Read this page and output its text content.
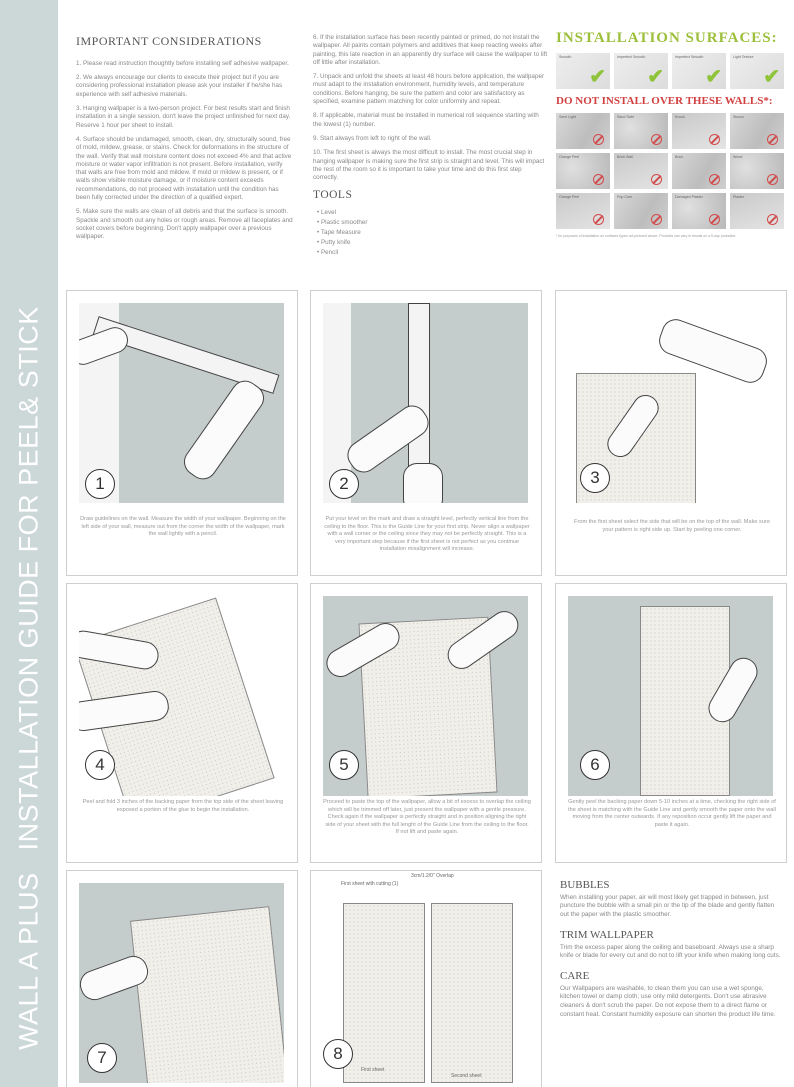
WALL A PLUSINSTALLATION GUIDE FOR PEEL& STICK
IMPORTANT CONSIDERATIONS

1. Please read instruction thoughtly before installing self adhesive wallpaper.

2. We always encourage our clients to execute their project but if you are considering professional installation please ask your installer if he/she has experience with self adhesive materials.

3. Hanging wallpaper is a two-person project. For best results start and finish installation in a single session, don't leave the project unfinished for next day. Reserve 1 hour per sheet to install.

4. Surface should be undamaged, smooth, clean, dry, structurally sound, free of mold, mildew, grease, or stains. Check for deformations in the structure of the wall. Verify that wall moisture content does not exceed 4% and that active moisture or water vapor infiltration is not present. Before installation, verify that walls are free from mold and mildew. If mold or mildew is present, or if walls show visible moisture damage, or if moisture content exceeds recommendations, do not proceed with installation until the condition has been fully corrected under the direction of a qualified expert.

5. Make sure the walls are clean of all debris and that the surface is smooth. Spackle and smooth out any holes or rough areas. Remove all faceplates and socket covers before beginning. Don't apply wallpaper over a previous wallpaper.

6. If the installation surface has been recently painted or primed, do not install the wallpaper. All paints contain polymers and additives that keep reacting weeks after painting, this late reaction in an apparently dry surface will cause the wallpaper to lift off little after installation.

7. Unpack and unfold the sheets at least 48 hours before application, the wallpaper must adapt to the installation environment, humidity levels, and temperature conditions. Before hanging, be sure the pattern and color are satisfactory as specified, examine pattern matching for color uniformity and repeat.

8. If applicable, material must be installed in numerical roll sequence starting with the lowest (1) number.

9. Start always from left to right of the wall.

10. The first sheet is always the most difficult to install. The most crucial step in hanging wallpaper is making sure the first strip is straight and level. This will impact the rest of the room so it is important to take your time and do this first step correctly.

TOOLS
• Level
• Plastic smoother
• Tape Measure
• Putty knife
• Pencil
INSTALLATION SURFACES:
Smooth
✔
Imperfect Smooth
✔
Imperfect Smooth
✔
Light Texture
✔
DO NOT INSTALL OVER THESE WALLS*:
Semi Light	Sand Swirl	Knock	Stucco
Orange Peel	Brick Wall	Brick	Wood
Orange Peel	Pop Corn	Damaged Plaster	Plaster
* for purposes of installation on surfaces types not pictured above, Products can vary in results on a 5-day probation.
1
Draw guidelines on the wall. Measure the width of your wallpaper. Beginning on the left side of your wall, measure out from the corner the width of the wallpaper, mark the wall lightly with a pencil.
2
Put your level on the mark and draw a straight level, perfectly vertical line from the ceiling to the floor. This is the Guide Line for your first strip. Never align a wallpaper with a wall corner or the ceiling since they may not be perfectly straight. This is a very important step because if the first sheet is not perfect as you continue installation misalignment will increase.
3
From the first sheet select the side that will be on the top of the wall. Make sure your pattern is right side up. Start by peeling one corner.
4
Peel and fold 3 inches of the backing paper from the top side of the sheet leaving exposed a portion of the glue to begin the installation.
5
Proceed to paste the top of the wallpaper, allow a bit of excess to overlap the ceiling which will be trimmed off later, just present the wallpaper with a gentle pressure. Check again if the wallpaper is perfectly straight and in position aligning the right side of your sheet with the full lenght of the Guide Line from the ceiling to the floor. If not lift and paste again.
6
Gently peel the backing paper down 5-10 inches at a time, checking the right side of the sheet is matching with the Guide Line and gently smooth the paper onto the wall moving from the center outwards. If any reposition occur gently lift the paper and paste it again.
7
3cm/1.2/0" Overlap
First sheet with cutting (1)
First sheet
Second sheet
8
BUBBLES
When installing your paper, air will most likely get trapped in between, just puncture the bubble with a small pin or the tip of the blade and gently flatten out the paper with the plastic smoother.
TRIM WALLPAPER
Trim the excess paper along the ceiling and baseboard. Always use a sharp knife or blade for every cut and do not to lift your knife when making long cuts.
CARE
Our Wallpapers are washable, to clean them you can use a wet sponge, kitchen towel or damp cloth; use only mild detergents. Don't use abrasive cleaners & don't scrub the paper. Do not expose them to a direct flame or constant heat. Constant humidity exposure can shorten the product life time.
